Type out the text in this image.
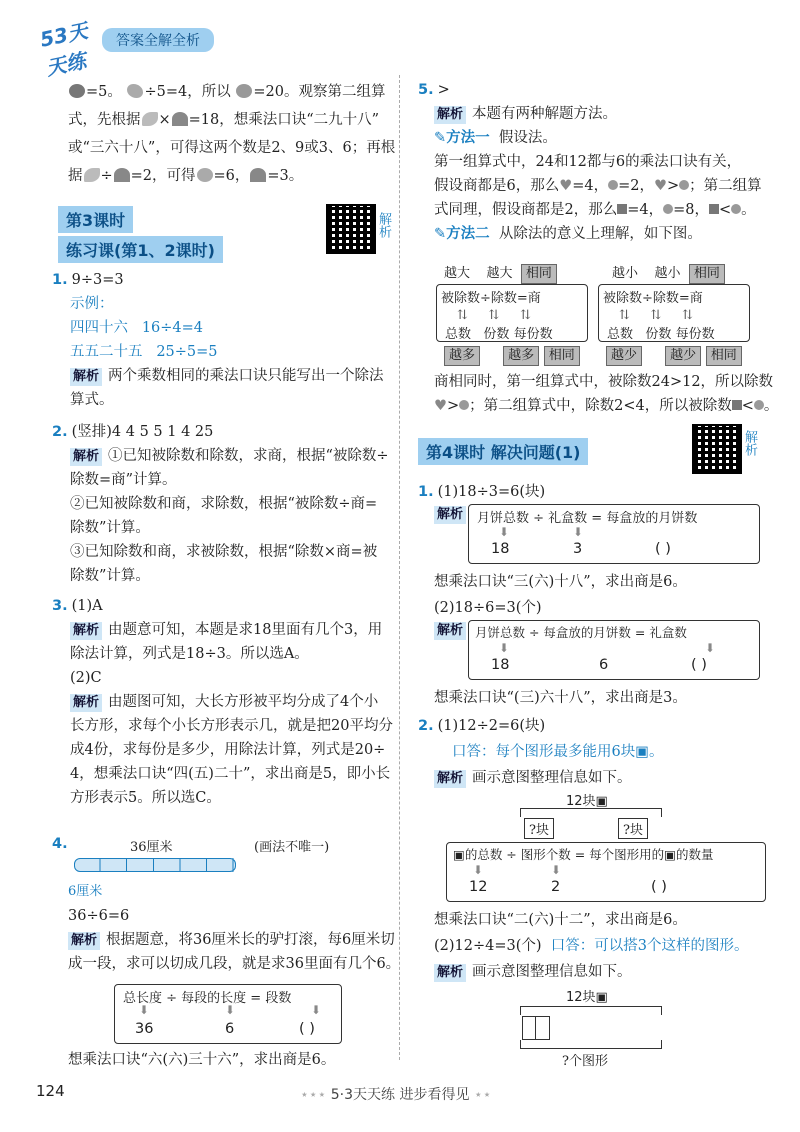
53天天练
答案全解全析
=5。 ÷5=4，所以 =20。观察第二组算
式，先根据 × =18，想乘法口诀“二九十八”
或“三六十八”，可得这两个数是2、9或3、6；再根
据 ÷ =2，可得 =6， =3。
第3课时
练习课(第1、2课时)
解析
1. 9÷3=3
示例：
四四十六 16÷4=4
五五二十五 25÷5=5
解析 两个乘数相同的乘法口诀只能写出一个除法
算式。
2. (竖排)4 4 5 5 1 4 25
解析 ①已知被除数和除数，求商，根据“被除数÷
除数=商”计算。
②已知被除数和商，求除数，根据“被除数÷商=
除数”计算。
③已知除数和商，求被除数，根据“除数×商=被
除数”计算。
3. (1)A
解析 由题意可知，本题是求18里面有几个3，用
除法计算，列式是18÷3。所以选A。
(2)C
解析 由题图可知，大长方形被平均分成了4个小
长方形，求每个小长方形表示几，就是把20平均分
成4份，求每份是多少，用除法计算，列式是20÷
4，想乘法口诀“四(五)二十”，求出商是5，即小长
方形表示5。所以选C。
4.	36厘米	(画法不唯一)
6厘米
36÷6=6
解析 根据题意，将36厘米长的驴打滚，每6厘米切
成一段，求可以切成几段，就是求36里面有几个6。
总长度 ÷ 每段的长度 = 段数
⬇	⬇	⬇
36	6	( )
想乘法口诀“六(六)三十六”，求出商是6。
5. >
解析 本题有两种解题方法。
✎方法一 假设法。
第一组算式中，24和12都与6的乘法口诀有关，
假设商都是6，那么♥=4， =2，♥> ；第二组算
式同理，假设商都是2，那么 =4， =8， < 。
✎方法二 从除法的意义上理解，如下图。
越大 越大 相同	越小 越小 相同
被除数÷除数=商
⇅     ⇅     ⇅
总数 份数 每份数
被除数÷除数=商
⇅     ⇅     ⇅
总数 份数 每份数
越多	越多 相同	越少	越少 相同
商相同时，第一组算式中，被除数24>12，所以除数
♥> ；第二组算式中，除数2<4，所以被除数 < 。
第4课时 解决问题(1)	解析
1. (1)18÷3=6(块)
解析	月饼总数 ÷ 礼盒数 = 每盒放的月饼数
⬇	⬇
18	3	( )
想乘法口诀“三(六)十八”，求出商是6。
(2)18÷6=3(个)
解析 月饼总数 ÷ 每盒放的月饼数 = 礼盒数
⬇	⬇
18	6	( )
想乘法口诀“(三)六十八”，求出商是3。
2. (1)12÷2=6(块)
口答：每个图形最多能用6块▣。
解析 画示意图整理信息如下。
12块▣
?块	?块
▣的总数 ÷ 图形个数 = 每个图形用的▣的数量
⬇	⬇
12	2	( )
想乘法口诀“二(六)十二”，求出商是6。
(2)12÷4=3(个) 口答：可以搭3个这样的图形。
解析 画示意图整理信息如下。
12块▣
?个图形
124	⋆⋆⋆ 5·3天天练 进步看得见 ⋆⋆
